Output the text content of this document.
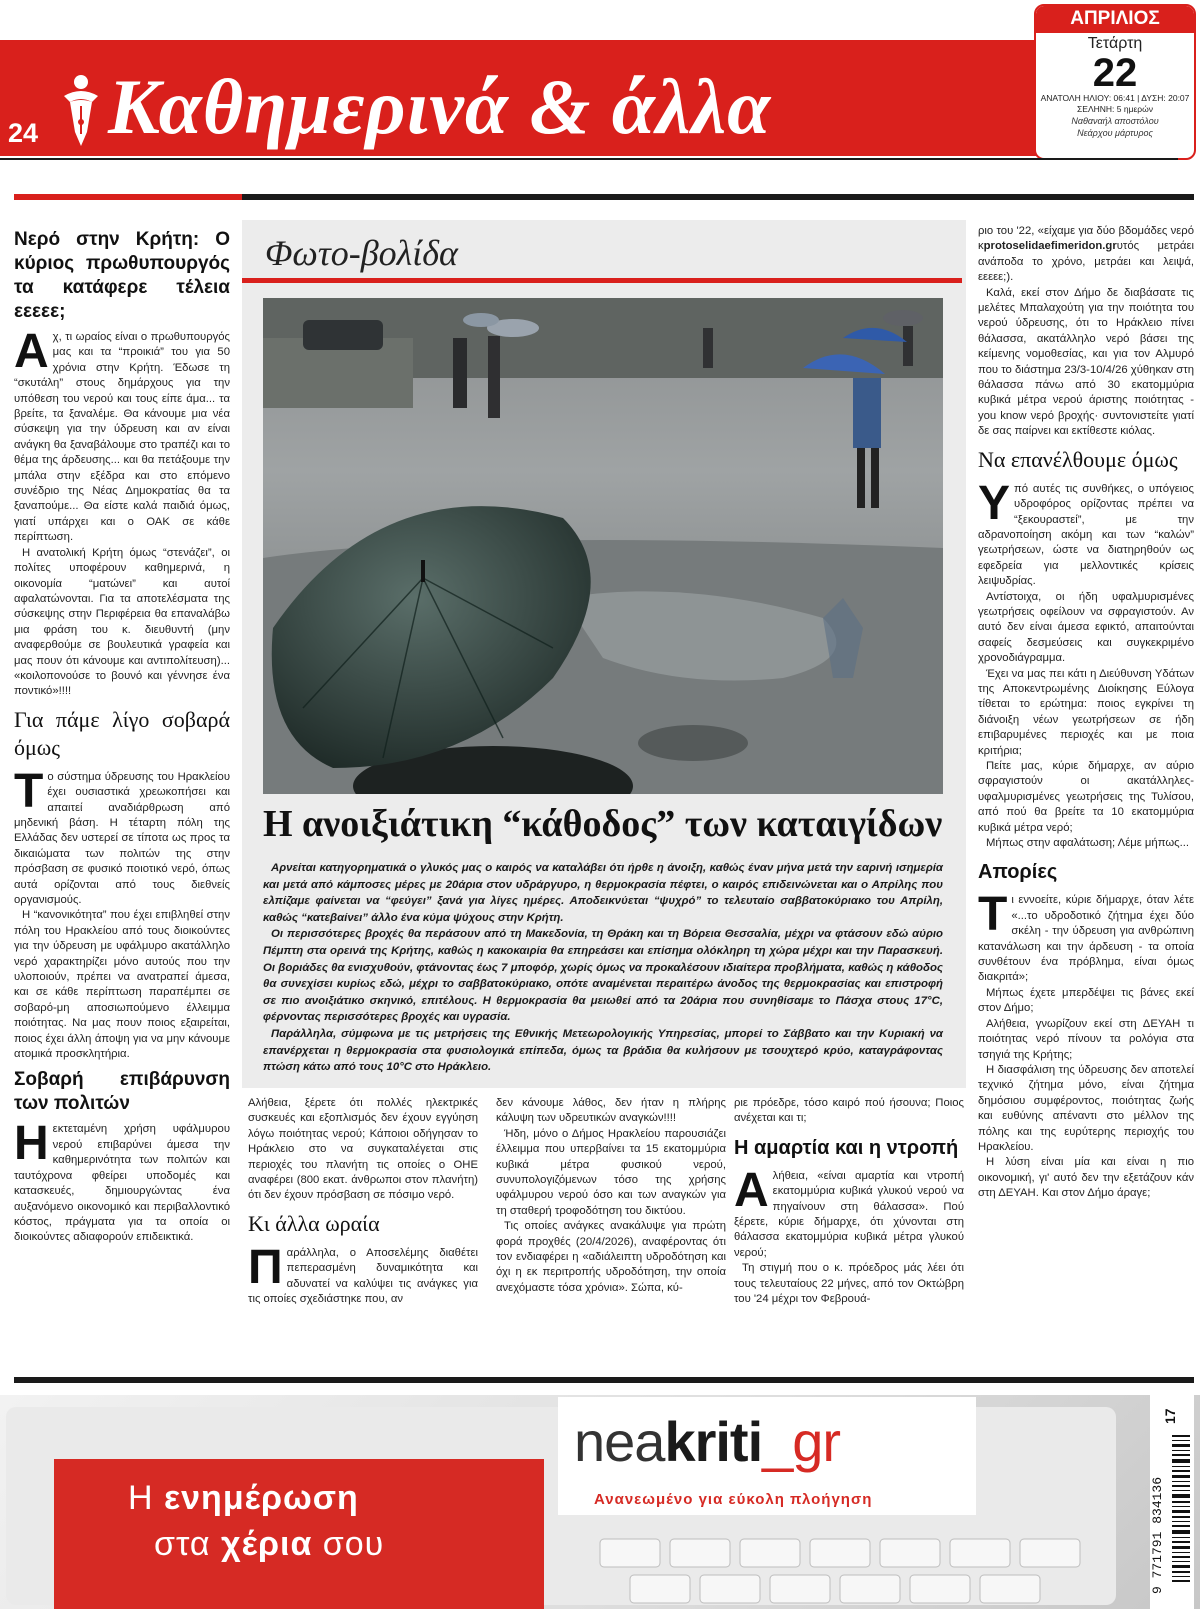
24 Καθημερινά & άλλα
ΑΠΡΙΛΙΟΣ
Τετάρτη
22
ΑΝΑΤΟΛΗ ΗΛΙΟΥ: 06:41 | ΔΥΣΗ: 20:07
ΣΕΛΗΝΗ: 5 ημερών
Ναθαναήλ αποστόλου
Νεάρχου μάρτυρος
Νερό στην Κρήτη: Ο κύριος πρωθυπουργός τα κατάφερε τέλεια εεεεε;

Αχ, τι ωραίος είναι ο πρωθυπουργός μας και τα “προικιά” του για 50 χρόνια στην Κρήτη. Έδωσε τη “σκυτάλη” στους δημάρχους για την υπόθεση του νερού και τους είπε άμα... τα βρείτε, τα ξαναλέμε. Θα κάνουμε μια νέα σύσκεψη για την ύδρευση και αν είναι ανάγκη θα ξαναβάλουμε στο τραπέζι και το θέμα της άρδευσης... και θα πετάξουμε την μπάλα στην εξέδρα και στο επόμενο συνέδριο της Νέας Δημοκρατίας θα τα ξαναπούμε... Θα είστε καλά παιδιά όμως, γιατί υπάρχει και ο ΟΑΚ σε κάθε περίπτωση.

Η ανατολική Κρήτη όμως “στενάζει”, οι πολίτες υποφέρουν καθημερινά, η οικονομία “ματώνει” και αυτοί αφαλατώνονται. Για τα αποτελέσματα της σύσκεψης στην Περιφέρεια θα επαναλάβω μια φράση του κ. διευθυντή (μην αναφερθούμε σε βουλευτικά γραφεία και μας πουν ότι κάνουμε και αντιπολίτευση)... «κοιλοπονούσε το βουνό και γέννησε ένα ποντικό»!!!!

Για πάμε λίγο σοβαρά όμως

Το σύστημα ύδρευσης του Ηρακλείου έχει ουσιαστικά χρεωκοπήσει και απαιτεί αναδιάρθρωση από μηδενική βάση. Η τέταρτη πόλη της Ελλάδας δεν υστερεί σε τίποτα ως προς τα δικαιώματα των πολιτών της στην πρόσβαση σε φυσικό ποιοτικό νερό, όπως αυτά ορίζονται από τους διεθνείς οργανισμούς.

Η “κανονικότητα” που έχει επιβληθεί στην πόλη του Ηρακλείου από τους διοικούντες για την ύδρευση με υφάλμυρο ακατάλληλο νερό χαρακτηρίζει μόνο αυτούς που την υλοποιούν, πρέπει να ανατραπεί άμεσα, και σε κάθε περίπτωση παραπέμπει σε σοβαρό-μη αποσιωπούμενο έλλειμμα ποιότητας. Να μας πουν ποιος εξαιρείται, ποιος έχει άλλη άποψη για να μην κάνουμε ατομικά προσκλητήρια.

Σοβαρή επιβάρυνση των πολιτών

Ηεκτεταμένη χρήση υφάλμυρου νερού επιβαρύνει άμεσα την καθημερινότητα των πολιτών και ταυτόχρονα φθείρει υποδομές και κατασκευές, δημιουργώντας ένα αυξανόμενο οικονομικό και περιβαλλοντικό κόστος, πράγματα για τα οποία οι διοικούντες αδιαφορούν επιδεικτικά.

Φωτο-βολίδα
Η ανοιξιάτικη “κάθοδος” των καταιγίδων

Αρνείται κατηγορηματικά ο γλυκός μας ο καιρός να καταλάβει ότι ήρθε η άνοιξη, καθώς έναν μήνα μετά την εαρινή ισημερία και μετά από κάμποσες μέρες με 20άρια στον υδράργυρο, η θερμοκρασία πέφτει, ο καιρός επιδεινώνεται και ο Απρίλης που ελπίζαμε φαίνεται να “φεύγει” ξανά για λίγες ημέρες. Αποδεικνύεται “ψυχρό” το τελευταίο σαββατοκύριακο του Απρίλη, καθώς “κατεβαίνει” άλλο ένα κύμα ψύχους στην Κρήτη.

Οι περισσότερες βροχές θα περάσουν από τη Μακεδονία, τη Θράκη και τη Βόρεια Θεσσαλία, μέχρι να φτάσουν εδώ αύριο Πέμπτη στα ορεινά της Κρήτης, καθώς η κακοκαιρία θα επηρεάσει και επίσημα ολόκληρη τη χώρα μέχρι και την Παρασκευή. Οι βοριάδες θα ενισχυθούν, φτάνοντας έως 7 μποφόρ, χωρίς όμως να προκαλέσουν ιδιαίτερα προβλήματα, καθώς η κάθοδος θα συνεχίσει κυρίως εδώ, μέχρι το σαββατοκύριακο, οπότε αναμένεται περαιτέρω άνοδος της θερμοκρασίας και επιστροφή σε πιο ανοιξιάτικο σκηνικό, επιτέλους. Η θερμοκρασία θα μειωθεί από τα 20άρια που συνηθίσαμε το Πάσχα στους 17°C, φέρνοντας περισσότερες βροχές και υγρασία.

Παράλληλα, σύμφωνα με τις μετρήσεις της Εθνικής Μετεωρολογικής Υπηρεσίας, μπορεί το Σάββατο και την Κυριακή να επανέρχεται η θερμοκρασία στα φυσιολογικά επίπεδα, όμως τα βράδια θα κυλήσουν με τσουχτερό κρύο, καταγράφοντας πτώση κάτω από τους 10°C στο Ηράκλειο.

Αλήθεια, ξέρετε ότι πολλές ηλεκτρικές συσκευές και εξοπλισμός δεν έχουν εγγύηση λόγω ποιότητας νερού; Κάποιοι οδήγησαν το Ηράκλειο στο να συγκαταλέγεται στις περιοχές του πλανήτη τις οποίες ο ΟΗΕ αναφέρει (800 εκατ. άνθρωποι στον πλανήτη) ότι δεν έχουν πρόσβαση σε πόσιμο νερό.

Κι άλλα ωραία

Παράλληλα, ο Αποσελέμης διαθέτει πεπερασμένη δυναμικότητα και αδυνατεί να καλύψει τις ανάγκες για τις οποίες σχεδιάστηκε που, αν

δεν κάνουμε λάθος, δεν ήταν η πλήρης κάλυψη των υδρευτικών αναγκών!!!!

Ήδη, μόνο ο Δήμος Ηρακλείου παρουσιάζει έλλειμμα που υπερβαίνει τα 15 εκατομμύρια κυβικά μέτρα φυσικού νερού, συνυπολογιζόμενων τόσο της χρήσης υφάλμυρου νερού όσο και των αναγκών για τη σταθερή τροφοδότηση του δικτύου.

Τις οποίες ανάγκες ανακάλυψε για πρώτη φορά προχθές (20/4/2026), αναφέροντας ότι τον ενδιαφέρει η «αδιάλειπτη υδροδότηση και όχι η εκ περιτροπής υδροδότηση, την οποία ανεχόμαστε τόσα χρόνια». Σώπα, κύ-

ριε πρόεδρε, τόσο καιρό πού ήσουνα; Ποιος ανέχεται και τι;

Η αμαρτία και η ντροπή

Αλήθεια, «είναι αμαρτία και ντροπή εκατομμύρια κυβικά γλυκού νερού να πηγαίνουν στη θάλασσα». Πού ξέρετε, κύριε δήμαρχε, ότι χύνονται στη θάλασσα εκατομμύρια κυβικά μέτρα γλυκού νερού;

Τη στιγμή που ο κ. πρόεδρος μάς λέει ότι τους τελευταίους 22 μήνες, από τον Οκτώβρη του '24 μέχρι τον Φεβρουά-

ριο του '22, «είχαμε για δύο βδομάδες νερό κprotoselidaefimeridon.grυτός μετράει ανάποδα το χρόνο, μετράει και λειψά, εεεεε;).

Καλά, εκεί στον Δήμο δε διαβάσατε τις μελέτες Μπαλαχούτη για την ποιότητα του νερού ύδρευσης, ότι το Ηράκλειο πίνει θάλασσα, ακατάλληλο νερό βάσει της κείμενης νομοθεσίας, και για τον Αλμυρό που το διάστημα 23/3-10/4/26 χύθηκαν στη θάλασσα πάνω από 30 εκατομμύρια κυβικά μέτρα νερού άριστης ποιότητας - you know νερό βροχής· συντονιστείτε γιατί δε σας παίρνει και εκτίθεστε κιόλας.

Να επανέλθουμε όμως

Υπό αυτές τις συνθήκες, ο υπόγειος υδροφόρος ορίζοντας πρέπει να “ξεκουραστεί”, με την αδρανοποίηση ακόμη και των “καλών” γεωτρήσεων, ώστε να διατηρηθούν ως εφεδρεία για μελλοντικές κρίσεις λειψυδρίας.

Αντίστοιχα, οι ήδη υφαλμυρισμένες γεωτρήσεις οφείλουν να σφραγιστούν. Αν αυτό δεν είναι άμεσα εφικτό, απαιτούνται σαφείς δεσμεύσεις και συγκεκριμένο χρονοδιάγραμμα.

Έχει να μας πει κάτι η Διεύθυνση Υδάτων της Αποκεντρωμένης Διοίκησης Εύλογα τίθεται το ερώτημα: ποιος εγκρίνει τη διάνοιξη νέων γεωτρήσεων σε ήδη επιβαρυμένες περιοχές και με ποια κριτήρια;

Πείτε μας, κύριε δήμαρχε, αν αύριο σφραγιστούν οι ακατάλληλες-υφαλμυρισμένες γεωτρήσεις της Τυλίσου, από πού θα βρείτε τα 10 εκατομμύρια κυβικά μέτρα νερό;

Μήπως στην αφαλάτωση; Λέμε μήπως...

Απορίες

Τι εννοείτε, κύριε δήμαρχε, όταν λέτε «...το υδροδοτικό ζήτημα έχει δύο σκέλη - την ύδρευση για ανθρώπινη κατανάλωση και την άρδευση - τα οποία συνθέτουν ένα πρόβλημα, είναι όμως διακριτά»;

Μήπως έχετε μπερδέψει τις βάνες εκεί στον Δήμο;

Αλήθεια, γνωρίζουν εκεί στη ΔΕΥΑΗ τι ποιότητας νερό πίνουν τα ρολόγια στα τσηγιά της Κρήτης;

Η διασφάλιση της ύδρευσης δεν αποτελεί τεχνικό ζήτημα μόνο, είναι ζήτημα δημόσιου συμφέροντος, ποιότητας ζωής και ευθύνης απέναντι στο μέλλον της πόλης και της ευρύτερης περιοχής του Ηρακλείου.

Η λύση είναι μία και είναι η πιο οικονομική, γι' αυτό δεν την εξετάζουν κάν στη ΔΕΥΑΗ. Και στον Δήμο άραγε;

Η ενημέρωση
στα χέρια σου
neakriti_gr
Ανανεωμένο για εύκολη πλοήγηση
17
9 771791 834136
